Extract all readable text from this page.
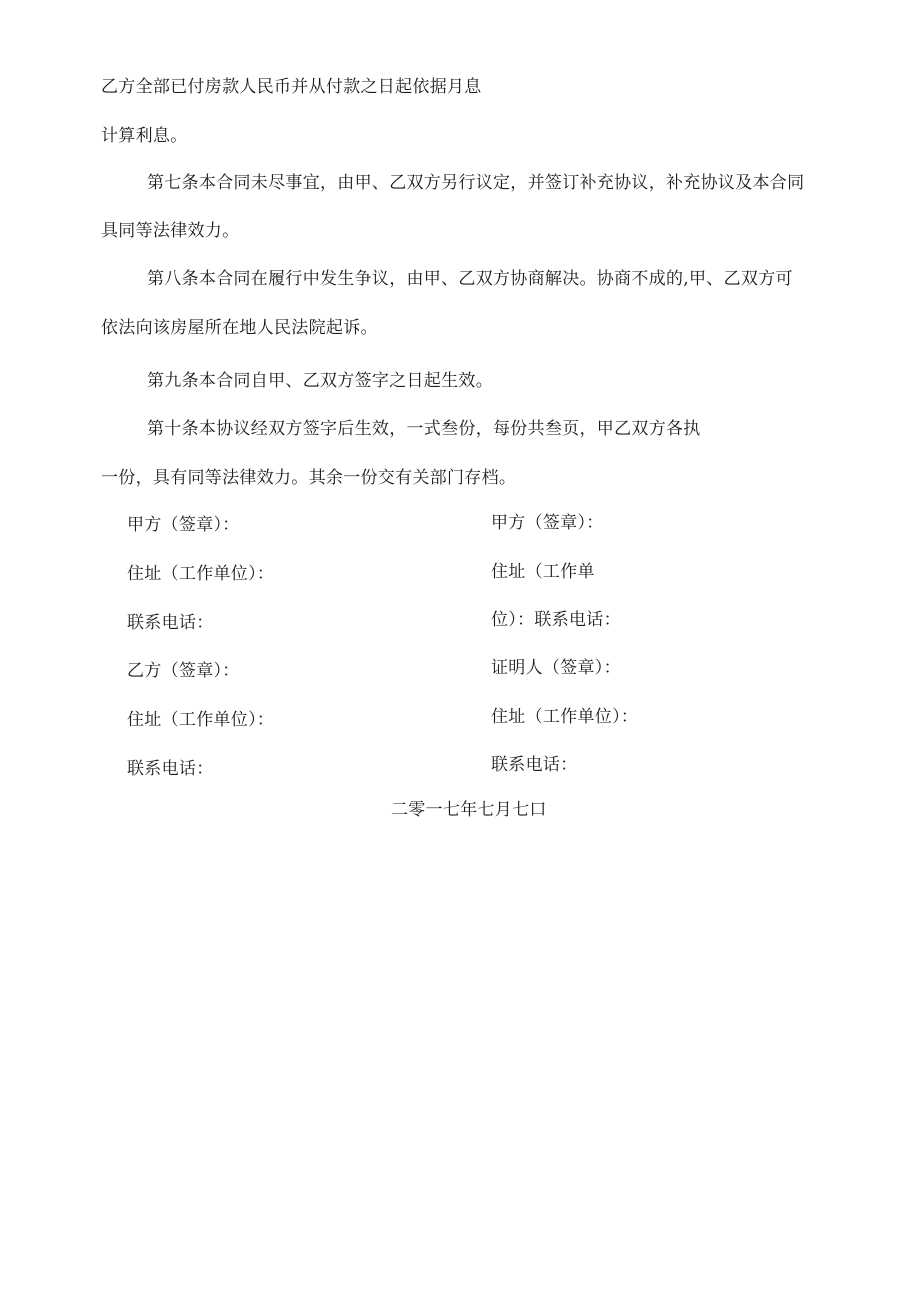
乙方全部已付房款人民币并从付款之日起依据月息
计算利息。
第七条本合同未尽事宜，由甲、乙双方另行议定，并签订补充协议，补充协议及本合同
具同等法律效力。
第八条本合同在履行中发生争议，由甲、乙双方协商解决。协商不成的,甲、乙双方可
依法向该房屋所在地人民法院起诉。
第九条本合同自甲、乙双方签字之日起生效。
第十条本协议经双方签字后生效，一式叁份，每份共叁页，甲乙双方各执
一份，具有同等法律效力。其余一份交有关部门存档。
甲方（签章）：
住址（工作单位）：
联系电话：
乙方（签章）：
住址（工作单位）：
联系电话：
甲方（签章）：
住址（工作单
位）：联系电话：
证明人（签章）：
住址（工作单位）：
联系电话：
二零一七年七月七口
